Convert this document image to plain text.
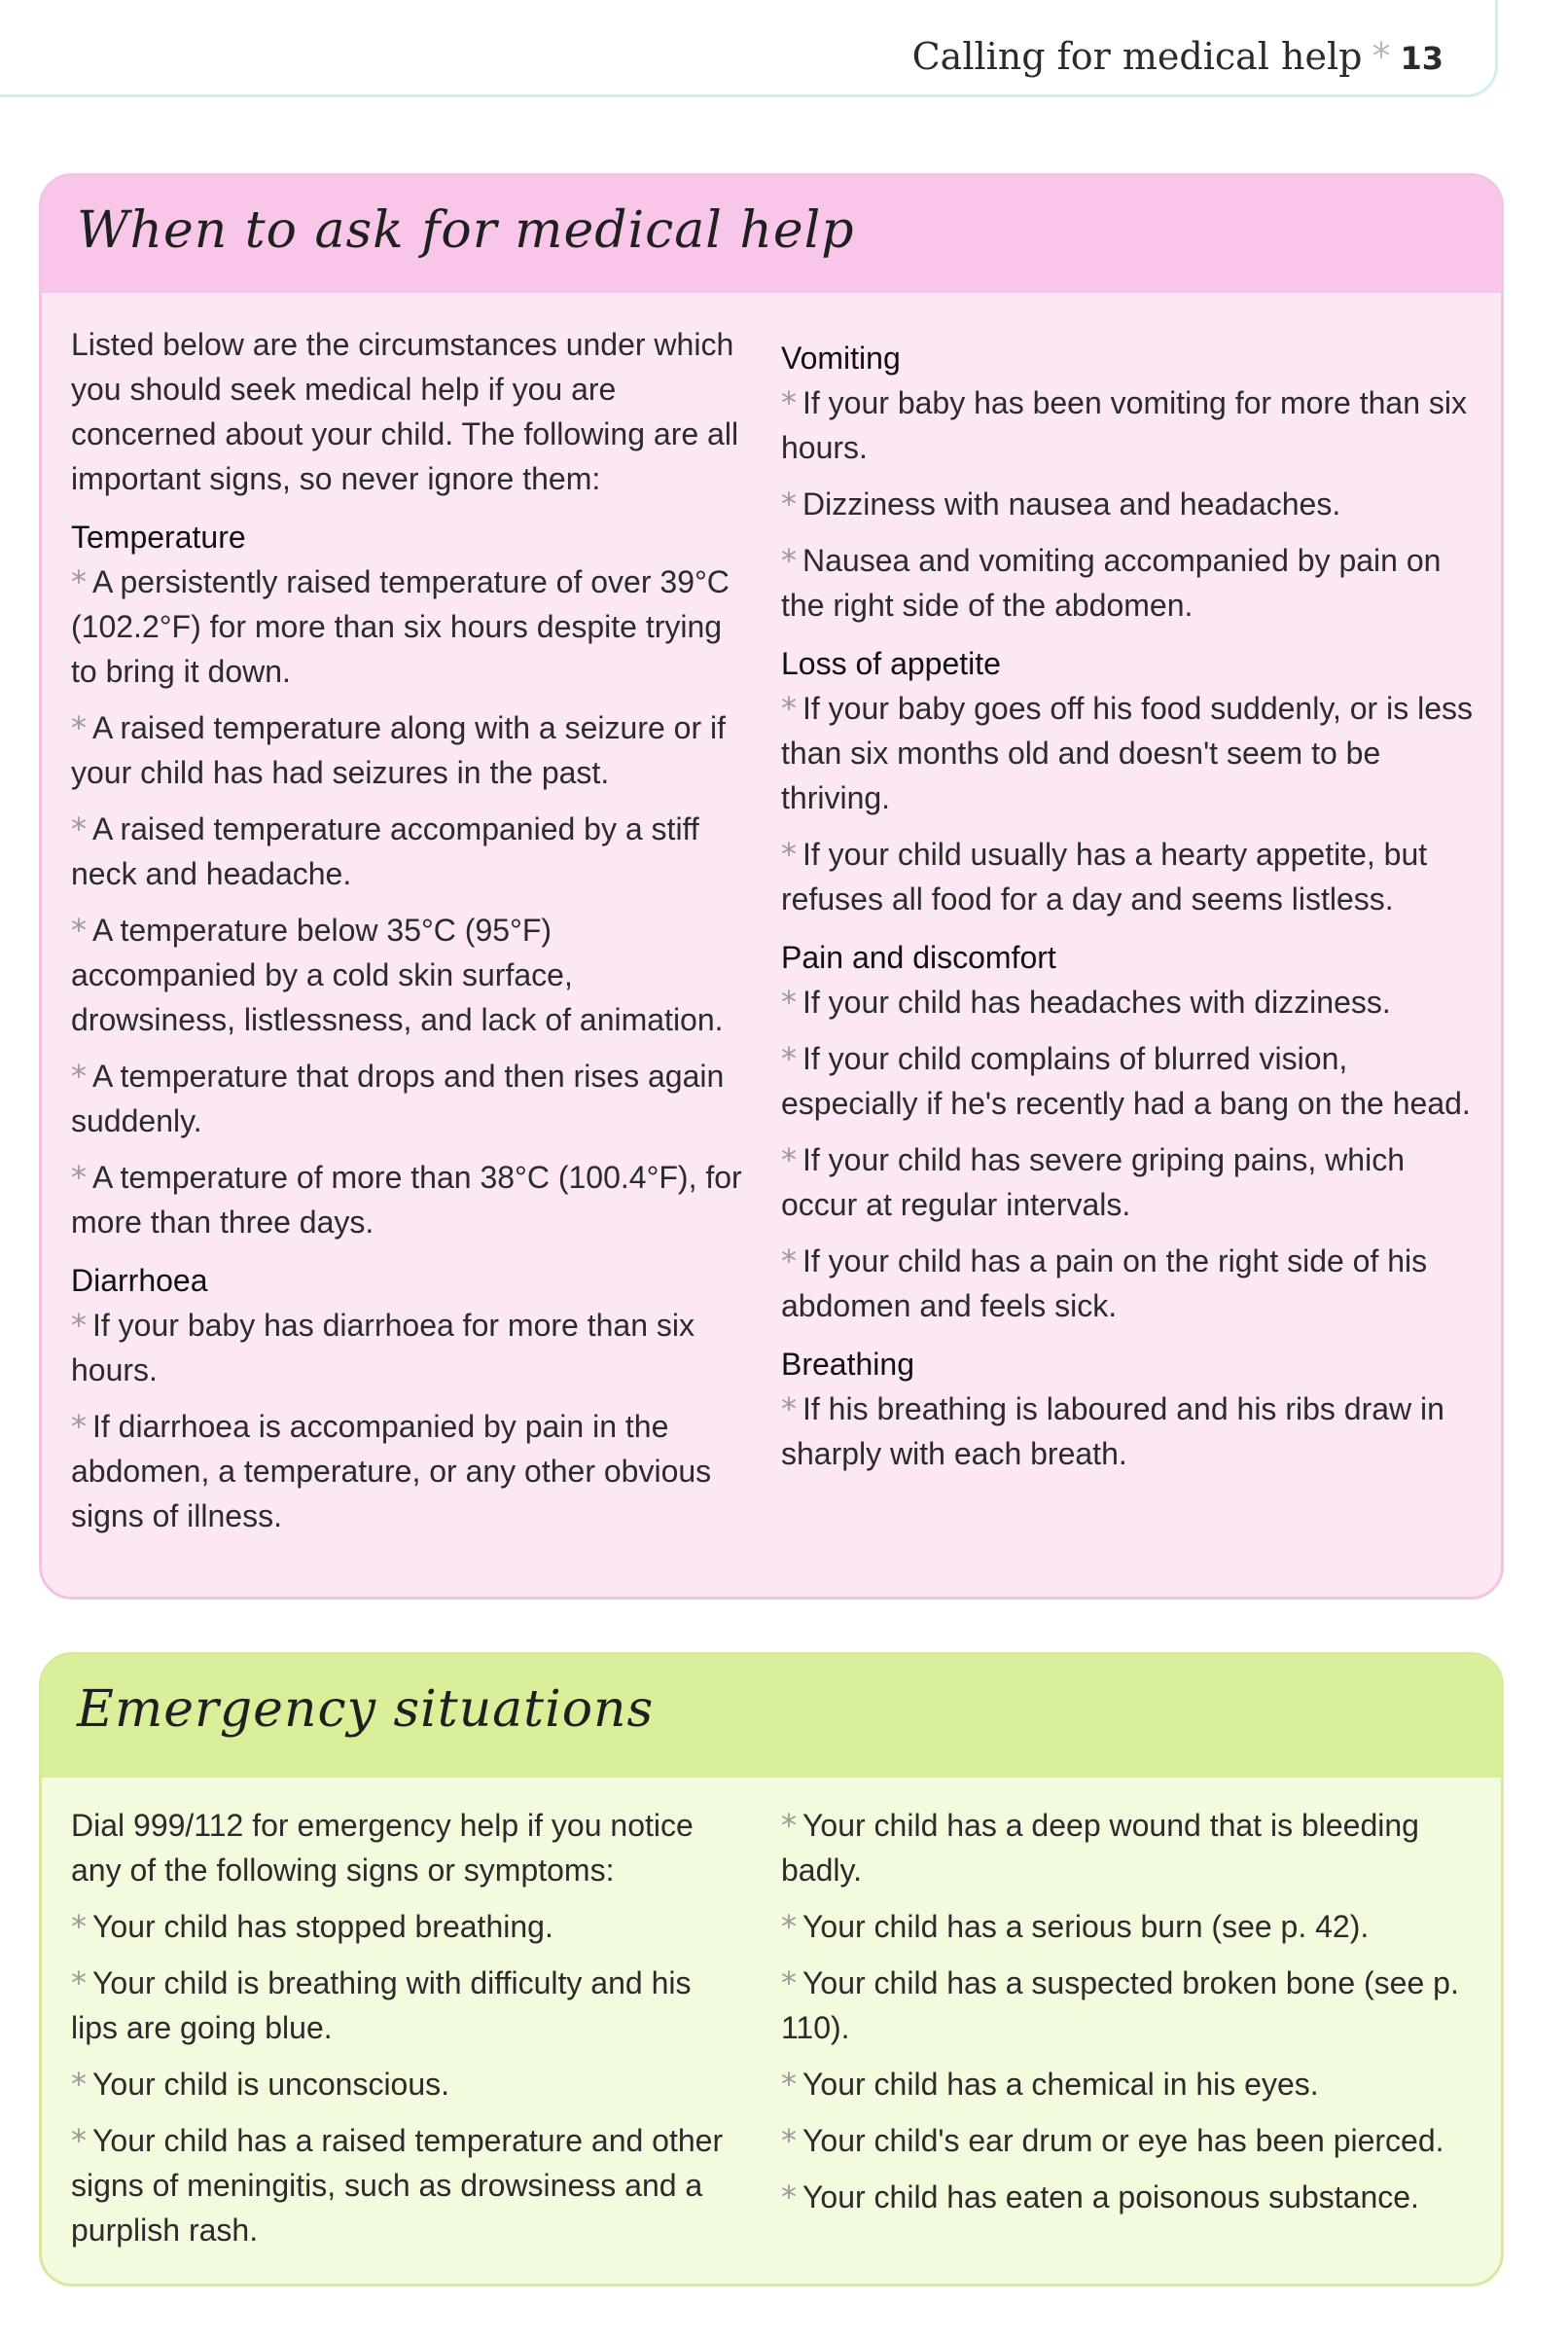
Calling for medical help * 13
When to ask for medical help

Listed below are the circumstances under which you should seek medical help if you are concerned about your child. The following are all important signs, so never ignore them:

Temperature

* A persistently raised temperature of over 39°C (102.2°F) for more than six hours despite trying to bring it down.

* A raised temperature along with a seizure or if your child has had seizures in the past.

* A raised temperature accompanied by a stiff neck and headache.

* A temperature below 35°C (95°F) accompanied by a cold skin surface, drowsiness, listlessness, and lack of animation.

* A temperature that drops and then rises again suddenly.

* A temperature of more than 38°C (100.4°F), for more than three days.

Diarrhoea

* If your baby has diarrhoea for more than six hours.

* If diarrhoea is accompanied by pain in the abdomen, a temperature, or any other obvious signs of illness.

Vomiting

* If your baby has been vomiting for more than six hours.

* Dizziness with nausea and headaches.

* Nausea and vomiting accompanied by pain on the right side of the abdomen.

Loss of appetite

* If your baby goes off his food suddenly, or is less than six months old and doesn't seem to be thriving.

* If your child usually has a hearty appetite, but refuses all food for a day and seems listless.

Pain and discomfort

* If your child has headaches with dizziness.

* If your child complains of blurred vision, especially if he's recently had a bang on the head.

* If your child has severe griping pains, which occur at regular intervals.

* If your child has a pain on the right side of his abdomen and feels sick.

Breathing

* If his breathing is laboured and his ribs draw in sharply with each breath.

Emergency situations

Dial 999/112 for emergency help if you notice any of the following signs or symptoms:

* Your child has stopped breathing.

* Your child is breathing with difficulty and his lips are going blue.

* Your child is unconscious.

* Your child has a raised temperature and other signs of meningitis, such as drowsiness and a purplish rash.

* Your child has a deep wound that is bleeding badly.

* Your child has a serious burn (see p. 42).

* Your child has a suspected broken bone (see p. 110).

* Your child has a chemical in his eyes.

* Your child's ear drum or eye has been pierced.

* Your child has eaten a poisonous substance.
